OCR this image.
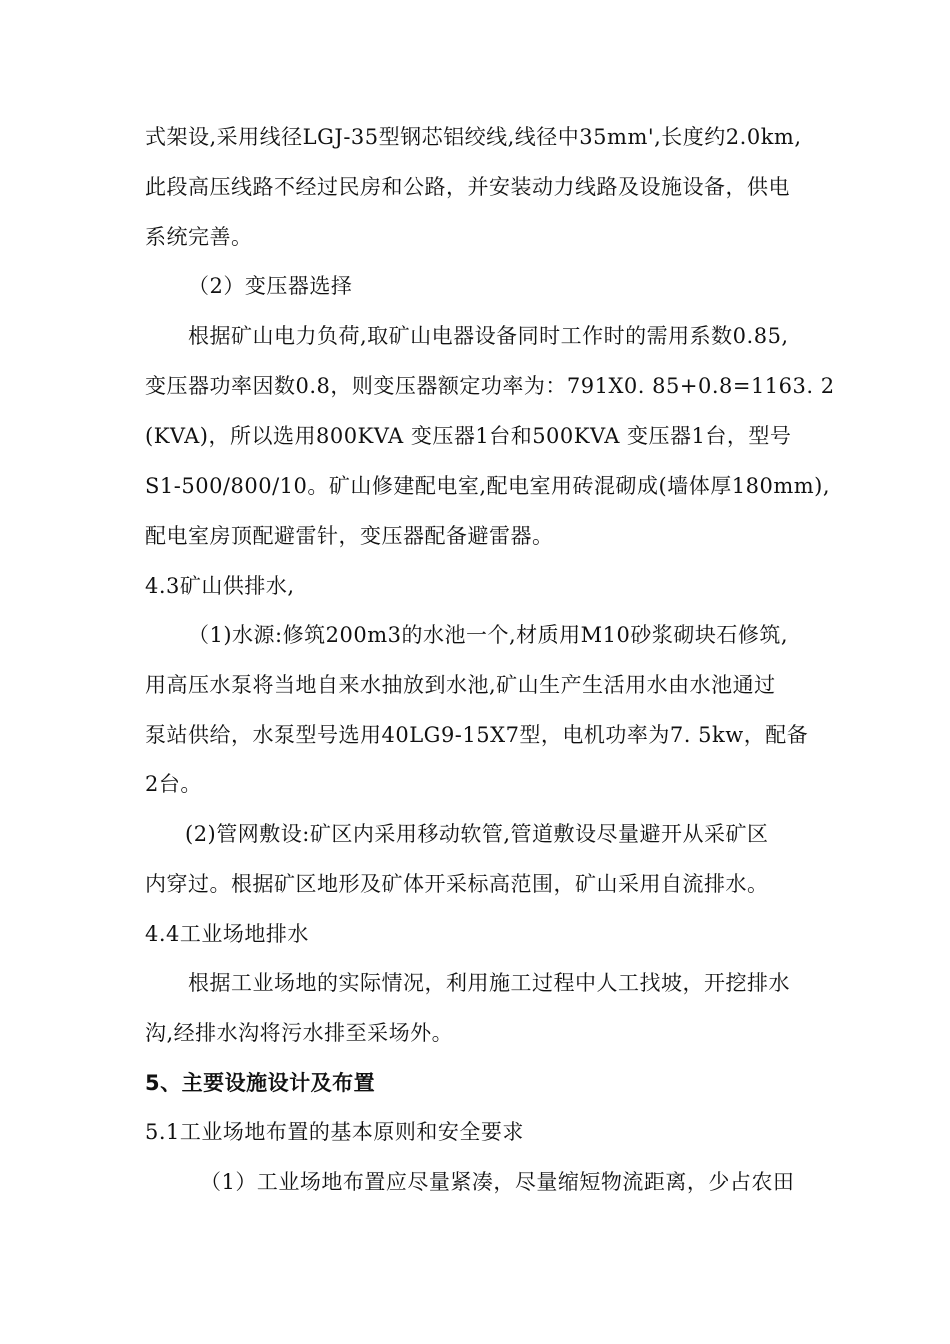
式架设,采用线径LGJ-35型钢芯铝绞线,线径中35mm',长度约2.0km,
此段高压线路不经过民房和公路，并安装动力线路及设施设备，供电
系统完善。
（2）变压器选择
根据矿山电力负荷,取矿山电器设备同时工作时的需用系数0.85,
变压器功率因数0.8，则变压器额定功率为：791X0. 85+0.8=1163. 2
(KVA)，所以选用800KVA 变压器1台和500KVA 变压器1台，型号
S1-500/800/10。矿山修建配电室,配电室用砖混砌成(墙体厚180mm),
配电室房顶配避雷针，变压器配备避雷器。
4.3矿山供排水,
（1)水源:修筑200m3的水池一个,材质用M10砂浆砌块石修筑,
用高压水泵将当地自来水抽放到水池,矿山生产生活用水由水池通过
泵站供给，水泵型号选用40LG9-15X7型，电机功率为7. 5kw，配备
2台。
(2)管网敷设:矿区内采用移动软管,管道敷设尽量避开从采矿区
内穿过。根据矿区地形及矿体开采标高范围，矿山采用自流排水。
4.4工业场地排水
根据工业场地的实际情况，利用施工过程中人工找坡，开挖排水
沟,经排水沟将污水排至采场外。
5、主要设施设计及布置
5.1工业场地布置的基本原则和安全要求
（1）工业场地布置应尽量紧凑，尽量缩短物流距离，少占农田
